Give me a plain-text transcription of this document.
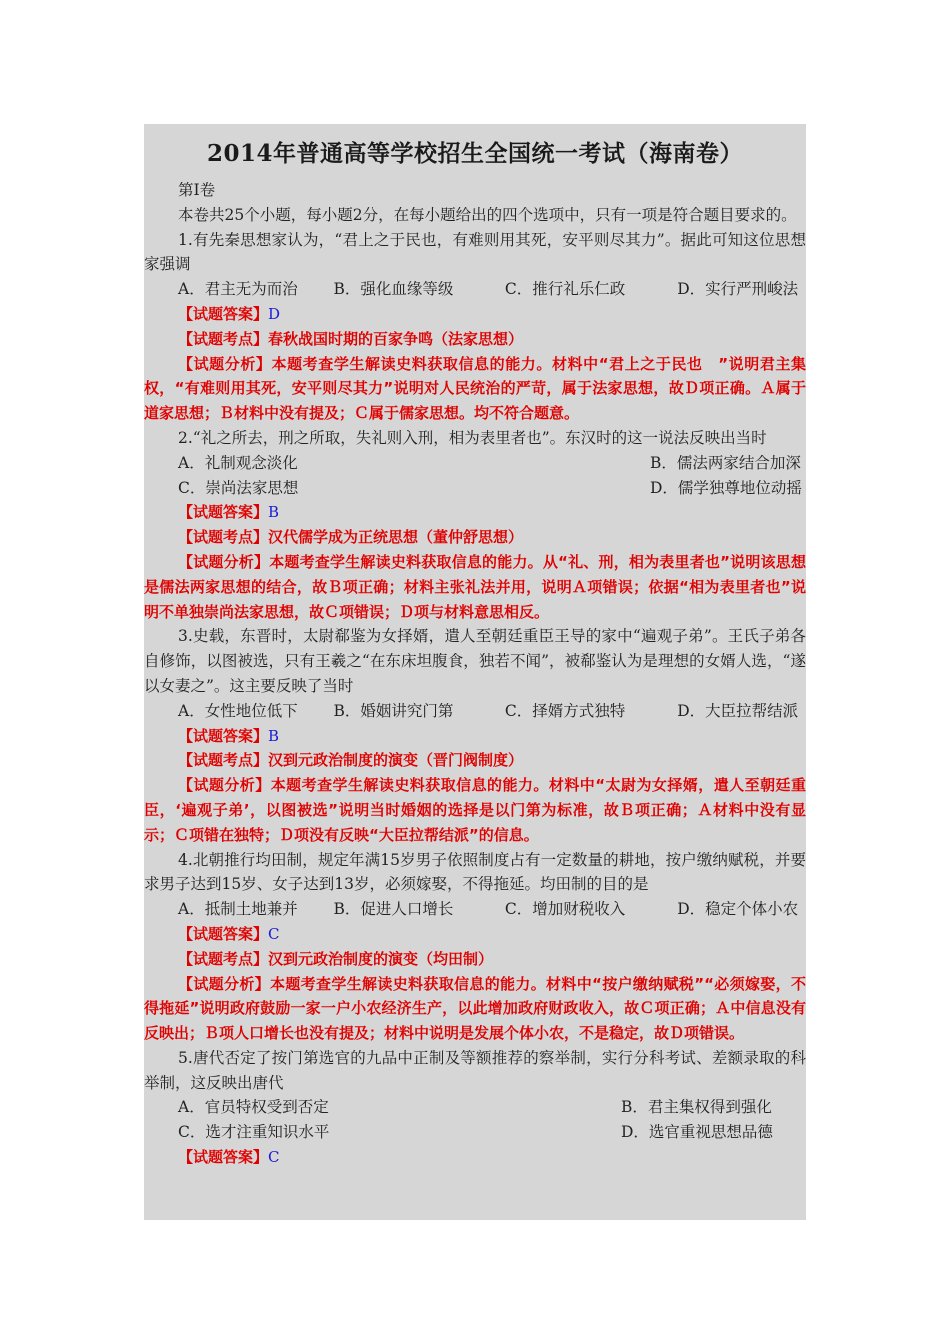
2014年普通高等学校招生全国统一考试（海南卷）

第Ⅰ卷

本卷共25个小题，每小题2分，在每小题给出的四个选项中，只有一项是符合题目要求的。

1.有先秦思想家认为，“君上之于民也，有难则用其死，安平则尽其力”。据此可知这位思想家强调

A．君主无为而治	B．强化血缘等级	C．推行礼乐仁政	D．实行严刑峻法

【试题答案】D

【试题考点】春秋战国时期的百家争鸣（法家思想）

【试题分析】本题考查学生解读史料获取信息的能力。材料中“君上之于民也　”说明君主集权，“有难则用其死，安平则尽其力”说明对人民统治的严苛，属于法家思想，故Ｄ项正确。Ａ属于道家思想；Ｂ材料中没有提及；Ｃ属于儒家思想。均不符合题意。

2.“礼之所去，刑之所取，失礼则入刑，相为表里者也”。东汉时的这一说法反映出当时

A．礼制观念淡化	B．儒法两家结合加深
C．崇尚法家思想	D．儒学独尊地位动摇

【试题答案】B

【试题考点】汉代儒学成为正统思想（董仲舒思想）

【试题分析】本题考查学生解读史料获取信息的能力。从“礼、刑，相为表里者也”说明该思想是儒法两家思想的结合，故Ｂ项正确；材料主张礼法并用，说明Ａ项错误；依据“相为表里者也”说明不单独崇尚法家思想，故Ｃ项错误；Ｄ项与材料意思相反。

3.史载，东晋时，太尉郗鉴为女择婿，遣人至朝廷重臣王导的家中“遍观子弟”。王氏子弟各自修饰，以图被选，只有王羲之“在东床坦腹食，独若不闻”，被郗鉴认为是理想的女婿人选，“遂以女妻之”。这主要反映了当时

A．女性地位低下	B．婚姻讲究门第	C．择婿方式独特	D．大臣拉帮结派

【试题答案】B

【试题考点】汉到元政治制度的演变（晋门阀制度）

【试题分析】本题考查学生解读史料获取信息的能力。材料中“太尉为女择婿，遣人至朝廷重臣，‘遍观子弟’，以图被选”说明当时婚姻的选择是以门第为标准，故Ｂ项正确；Ａ材料中没有显示；Ｃ项错在独特；Ｄ项没有反映“大臣拉帮结派”的信息。

4.北朝推行均田制，规定年满15岁男子依照制度占有一定数量的耕地，按户缴纳赋税，并要求男子达到15岁、女子达到13岁，必须嫁娶，不得拖延。均田制的目的是

A．抵制土地兼并	B．促进人口增长	C．增加财税收入	D．稳定个体小农

【试题答案】C

【试题考点】汉到元政治制度的演变（均田制）

【试题分析】本题考查学生解读史料获取信息的能力。材料中“按户缴纳赋税”“必须嫁娶，不得拖延”说明政府鼓励一家一户小农经济生产，以此增加政府财政收入，故Ｃ项正确；Ａ中信息没有反映出；Ｂ项人口增长也没有提及；材料中说明是发展个体小农，不是稳定，故Ｄ项错误。

5.唐代否定了按门第选官的九品中正制及等额推荐的察举制，实行分科考试、差额录取的科举制，这反映出唐代

A．官员特权受到否定	B．君主集权得到强化
C．选才注重知识水平	D．选官重视思想品德

【试题答案】C
